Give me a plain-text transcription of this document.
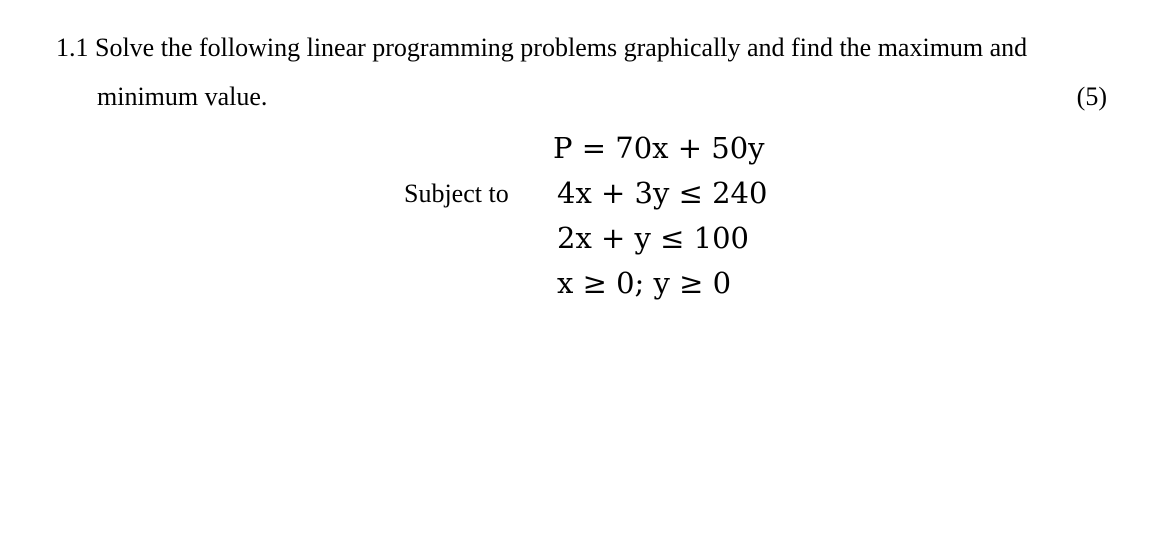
1.1 Solve the following linear programming problems graphically and find the maximum and
minimum value.	(5)
P = 70x + 50y
Subject to 4x + 3y ≤ 240
2x + y ≤ 100
x ≥ 0; y ≥ 0
